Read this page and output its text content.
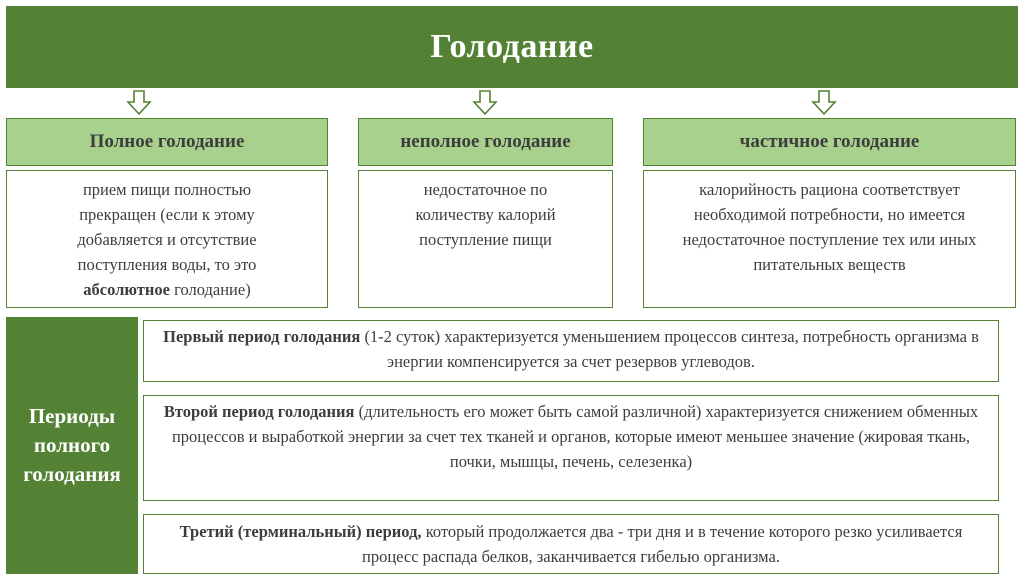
Голодание
Полное голодание	неполное голодание	частичное голодание
прием пищи полностью прекращен (если к этому добавляется и отсутствие поступления воды, то это абсолютное голодание)
недостаточное по количеству калорий поступление пищи
калорийность рациона соответствует необходимой потребности, но имеется недостаточное поступление тех или иных питательных веществ
Периоды
полного
голодания
Первый период голодания (1-2 суток) характеризуется уменьшением процессов синтеза, потребность организма в энергии компенсируется за счет резервов углеводов.
Второй период голодания (длительность его может быть самой различной) характеризуется снижением обменных процессов и выработкой энергии за счет тех тканей и органов, которые имеют меньшее значение (жировая ткань, почки, мышцы, печень, селезенка)
Третий (терминальный) период, который продолжается два - три дня и в течение которого резко усиливается процесс распада белков, заканчивается гибелью организма.
